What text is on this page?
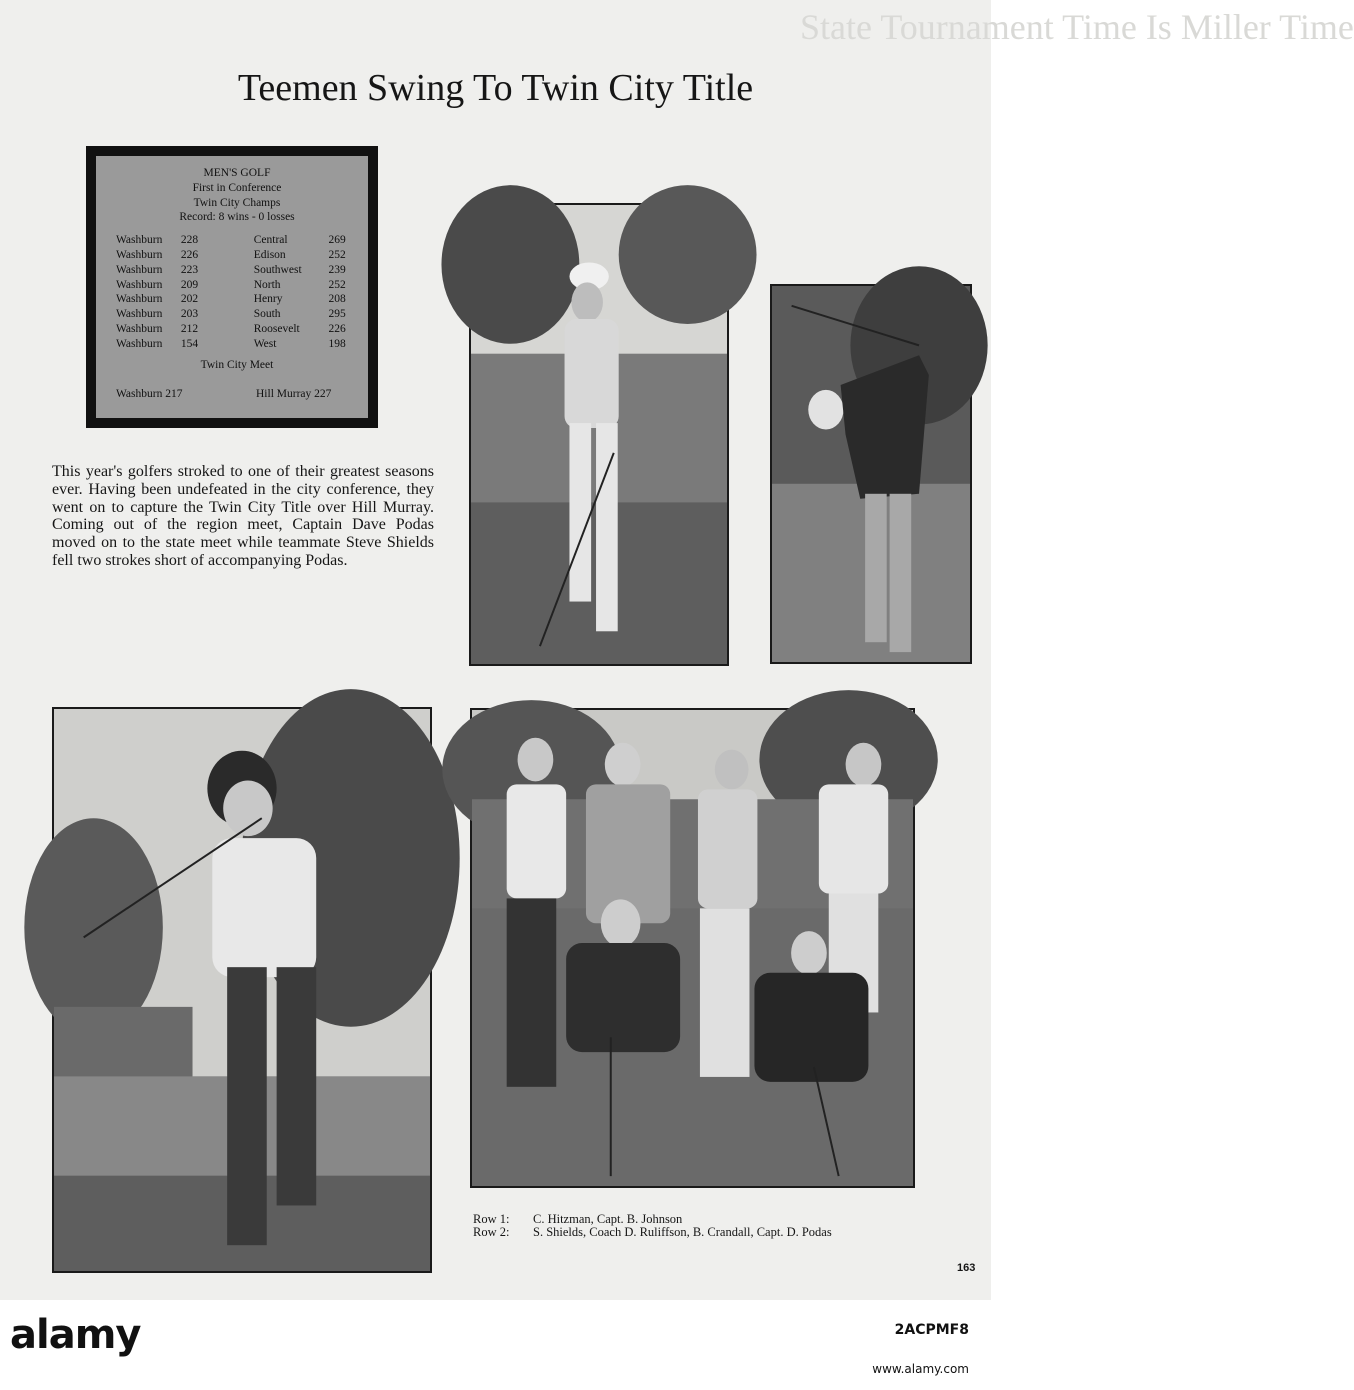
State Tournament Time Is Miller Time
Teemen Swing To Twin City Title
MEN'S GOLF
First in Conference
Twin City Champs
Record: 8 wins - 0 losses
Washburn	228	Central	269
Washburn	226	Edison	252
Washburn	223	Southwest	239
Washburn	209	North	252
Washburn	202	Henry	208
Washburn	203	South	295
Washburn	212	Roosevelt	226
Washburn	154	West	198
Twin City Meet
Washburn 217	Hill Murray 227
This year's golfers stroked to one of their greatest seasons ever. Having been undefeated in the city conference, they went on to capture the Twin City Title over Hill Murray. Coming out of the region meet, Captain Dave Podas moved on to the state meet while teammate Steve Shields fell two strokes short of accompanying Podas.
Row 1:	C. Hitzman, Capt. B. Johnson
Row 2:	S. Shields, Coach D. Ruliffson, B. Crandall, Capt. D. Podas
163
alamy	2ACPMF8
www.alamy.com
